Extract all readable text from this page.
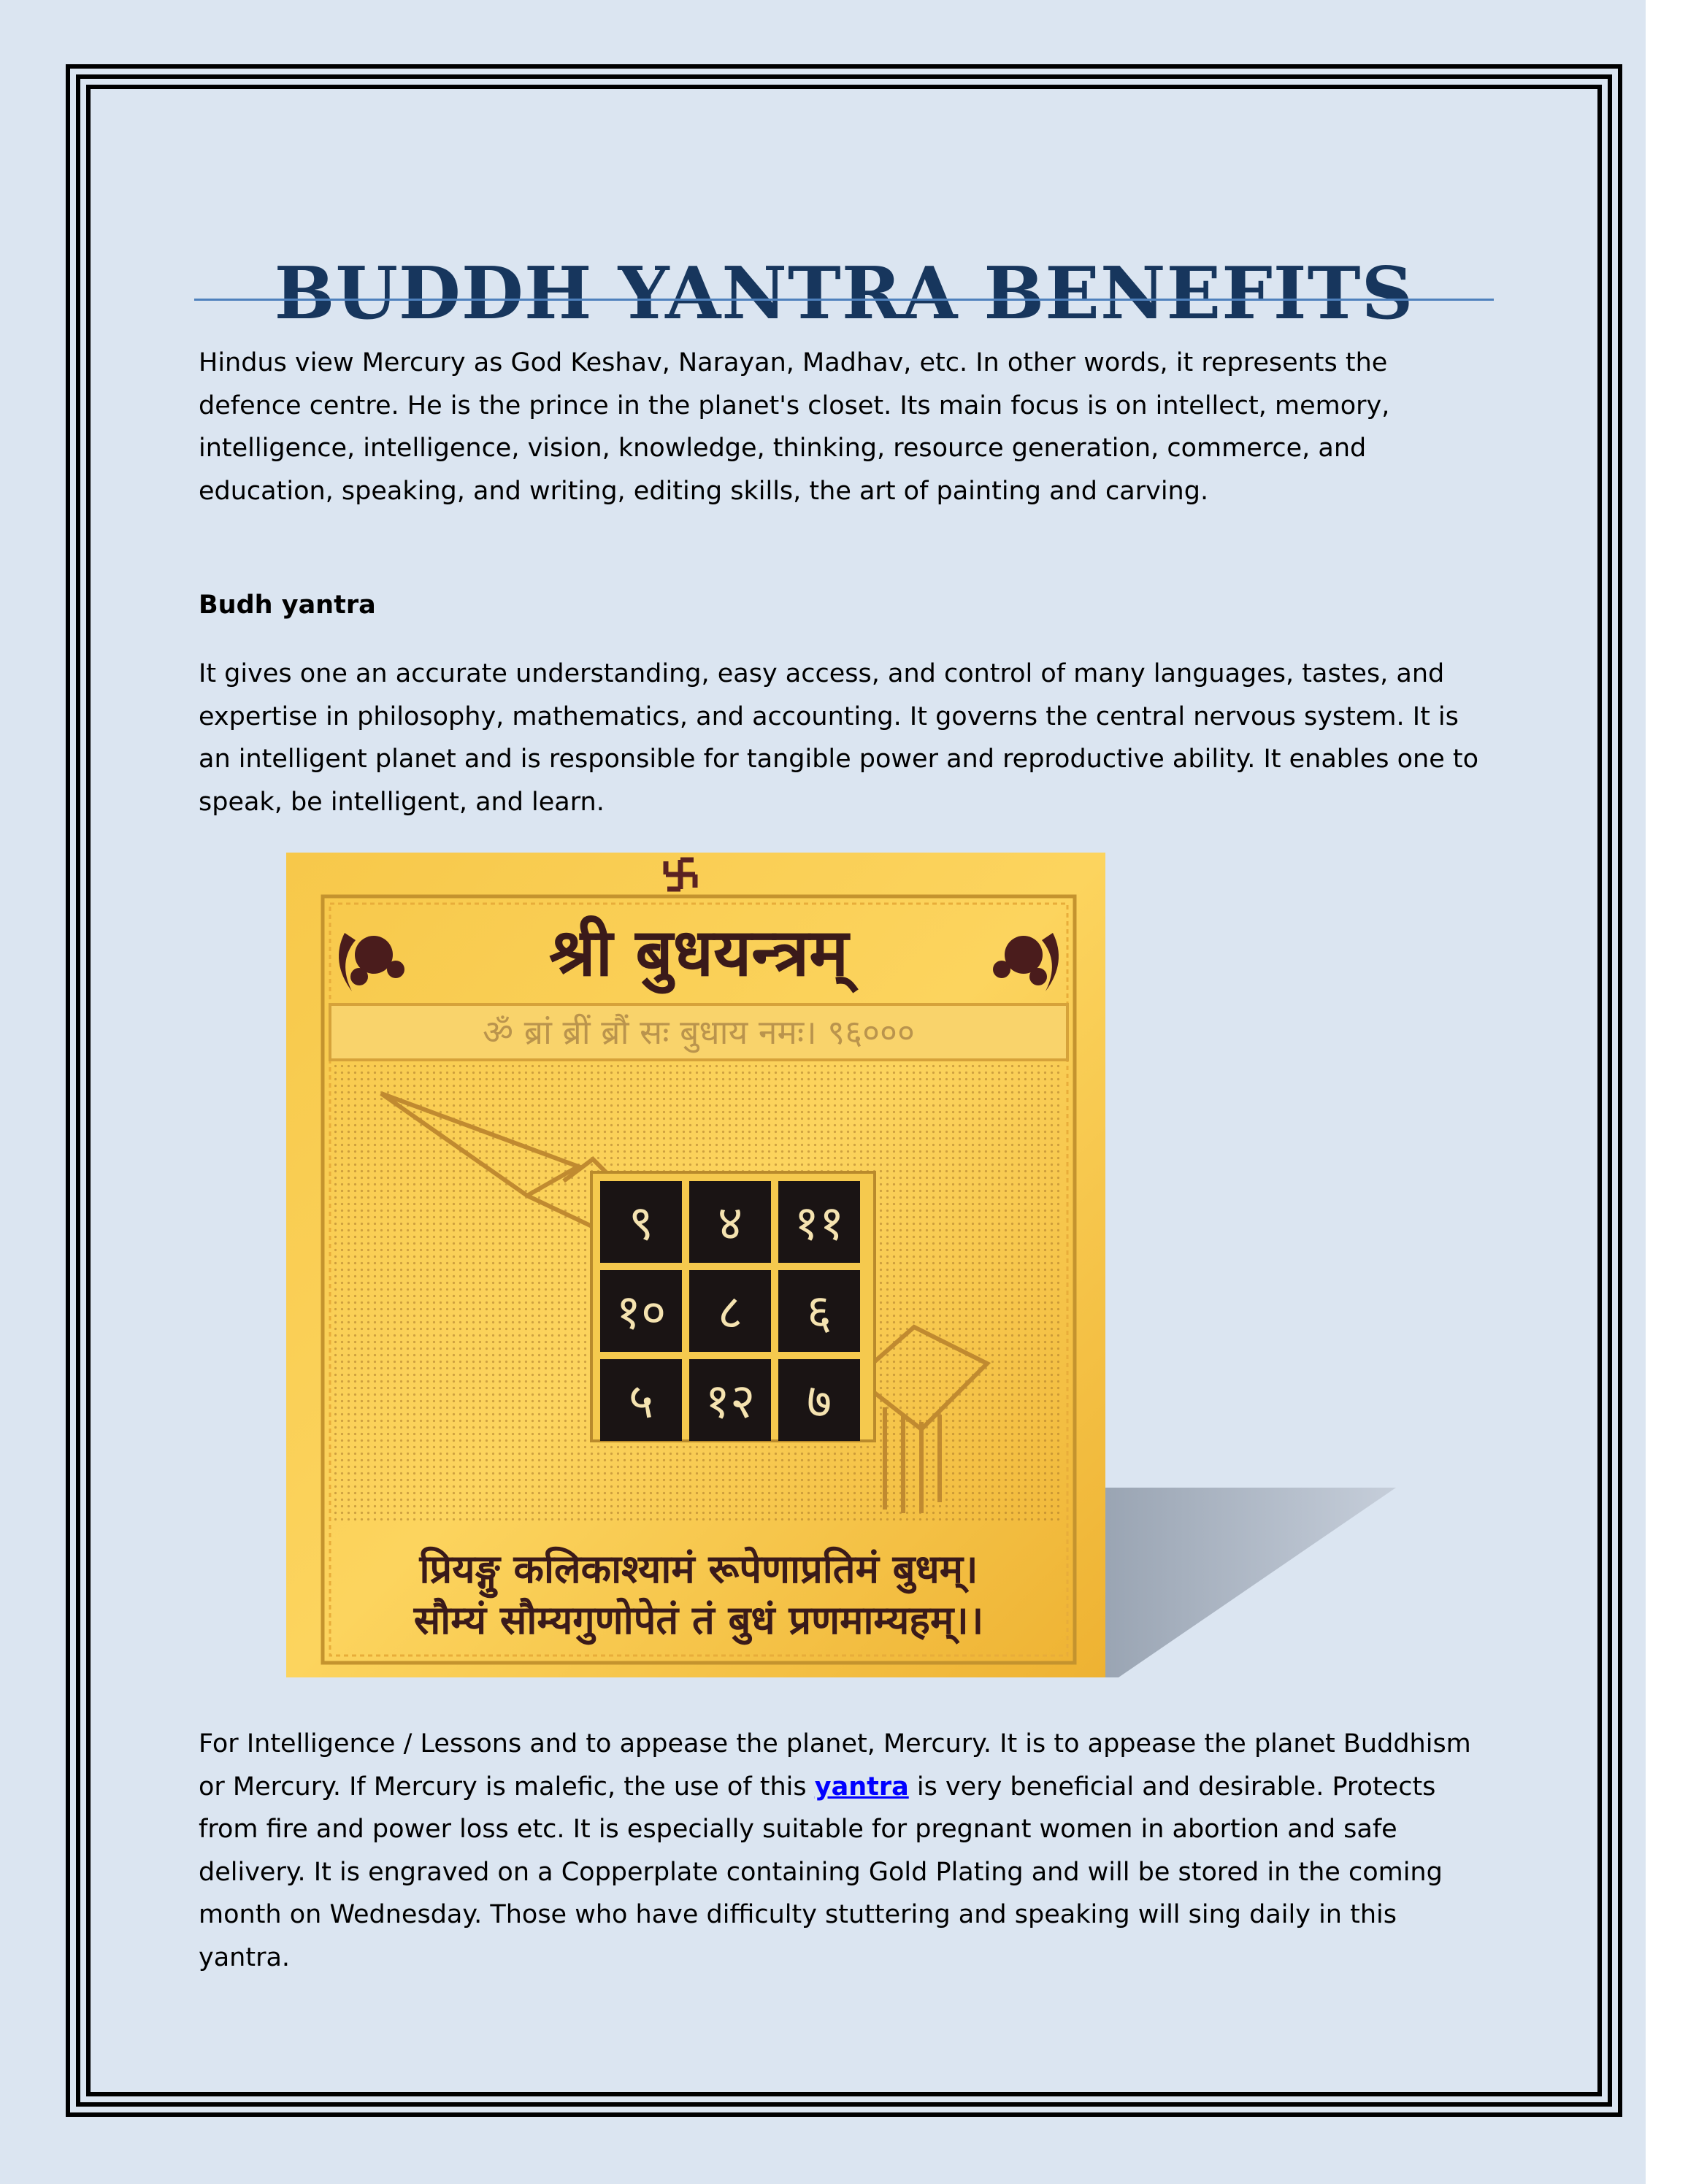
BUDDH YANTRA BENEFITS

Hindus view Mercury as God Keshav, Narayan, Madhav, etc. In other words, it represents the defence centre. He is the prince in the planet's closet. Its main focus is on intellect, memory, intelligence, intelligence, vision, knowledge, thinking, resource generation, commerce, and education, speaking, and writing, editing skills, the art of painting and carving.

Budh yantra

It gives one an accurate understanding, easy access, and control of many languages, tastes, and expertise in philosophy, mathematics, and accounting. It governs the central nervous system. It is an intelligent planet and is responsible for tangible power and reproductive ability. It enables one to speak, be intelligent, and learn.

श्री बुधयन्त्रम्
ॐ ब्रां ब्रीं ब्रौं सः बुधाय नमः। ९६०००
९ ४ ११
१० ८ ६
५ १२ ७
प्रियङ्गु कलिकाश्यामं रूपेणाप्रतिमं बुधम्।
सौम्यं सौम्यगुणोपेतं तं बुधं प्रणमाम्यहम्।।

For Intelligence / Lessons and to appease the planet, Mercury. It is to appease the planet Buddhism or Mercury. If Mercury is malefic, the use of this yantra is very beneficial and desirable. Protects from fire and power loss etc. It is especially suitable for pregnant women in abortion and safe delivery. It is engraved on a Copperplate containing Gold Plating and will be stored in the coming month on Wednesday. Those who have difficulty stuttering and speaking will sing daily in this yantra.
